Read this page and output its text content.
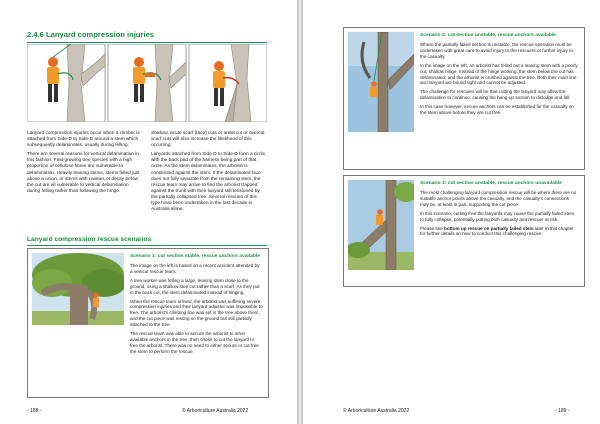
2.4.6 Lanyard compression injuries

Lanyard compression injuries occur when a climber is attached from Side-D to Side-D around a stem which subsequently delaminates, usually during felling.

There are several reasons for vertical delamination in this fashion. Fast-growing tree species with a high proportion of cellulose fibres are vulnerable to delamination. Heavily leaning stems, stems felled just above a union, or stems with cavities or decay below the cut are all vulnerable to vertical delamination during felling rather than following the hinge.

Shallow, acute scarf (face) cuts or undercut or overcut scarf cuts will also increase the likelihood of this occurring.

Lanyards attached from Side-D to Side-D form a circle, with the back pad of the harness being part of that circle. As the stem delaminates, the arborist is constricted against the stem. If the delaminated face does not fully separate from the remaining stem, the rescue team may arrive to find the arborist trapped against the trunk with their lanyard still tensioned by the partially collapsed tree. Several rescues of this type have been undertaken in the last decade in Australia alone.

Lanyard compression rescue scenarios
Scenario 1: cut section stable, rescue anchors available

The image on the left is based on a recent accident attended by a vertical rescue team.

A tree worker was felling a large, leaning stem close to the ground, using a shallow step cut rather than a scarf. As they put in the back cut, the stem delaminated instead of hinging.

When the rescue team arrived, the arborist was suffering severe compression injuries and their lanyard adjustor was impossible to free. The arborist's climbing line was set in the tree above them, and the cut piece was resting on the ground but still partially attached to the tree.

The rescue team was able to secure the arborist to other available anchors in the tree, then chose to cut the lanyard to free the arborist. There was no need to either secure or cut free the stem to perform the rescue.

- 188 -	© Arboriculture Australia 2022
Scenario 2: cut section unstable, rescue anchors available

Where the partially failed section is unstable, the rescue operation must be undertaken with great care to avoid injury to the rescuers or further injury to the casualty.

In the image on the left, an arborist has felled out a leaning stem with a poorly cut, shallow hinge. Instead of the hinge working, the stem below the cut has delaminated, and the arborist is crushed against the tree. Both their main line and lanyard are bound tight and cannot be adjusted.

The challenge for rescuers will be that cutting the lanyard may allow the delamination to continue, causing the hung-up section to dislodge and fall.

In this case however, secure anchors can be established for the casualty on the stem above before they are cut free.

Scenario 3: cut section unstable, rescue anchors unavailable

The most challenging lanyard compression rescue will be where there are no suitable anchor points above the casualty, and the casualty's connections may be, at least in part, supporting the cut piece.

In this scenario, cutting free the lanyards may cause the partially failed stem to fully collapse, potentially putting both casualty and rescuer at risk.

Please see bottom up rescue on partially failed stem later in this chapter for further details on how to conduct this challenging rescue.

© Arboriculture Australia 2022	- 189 -
